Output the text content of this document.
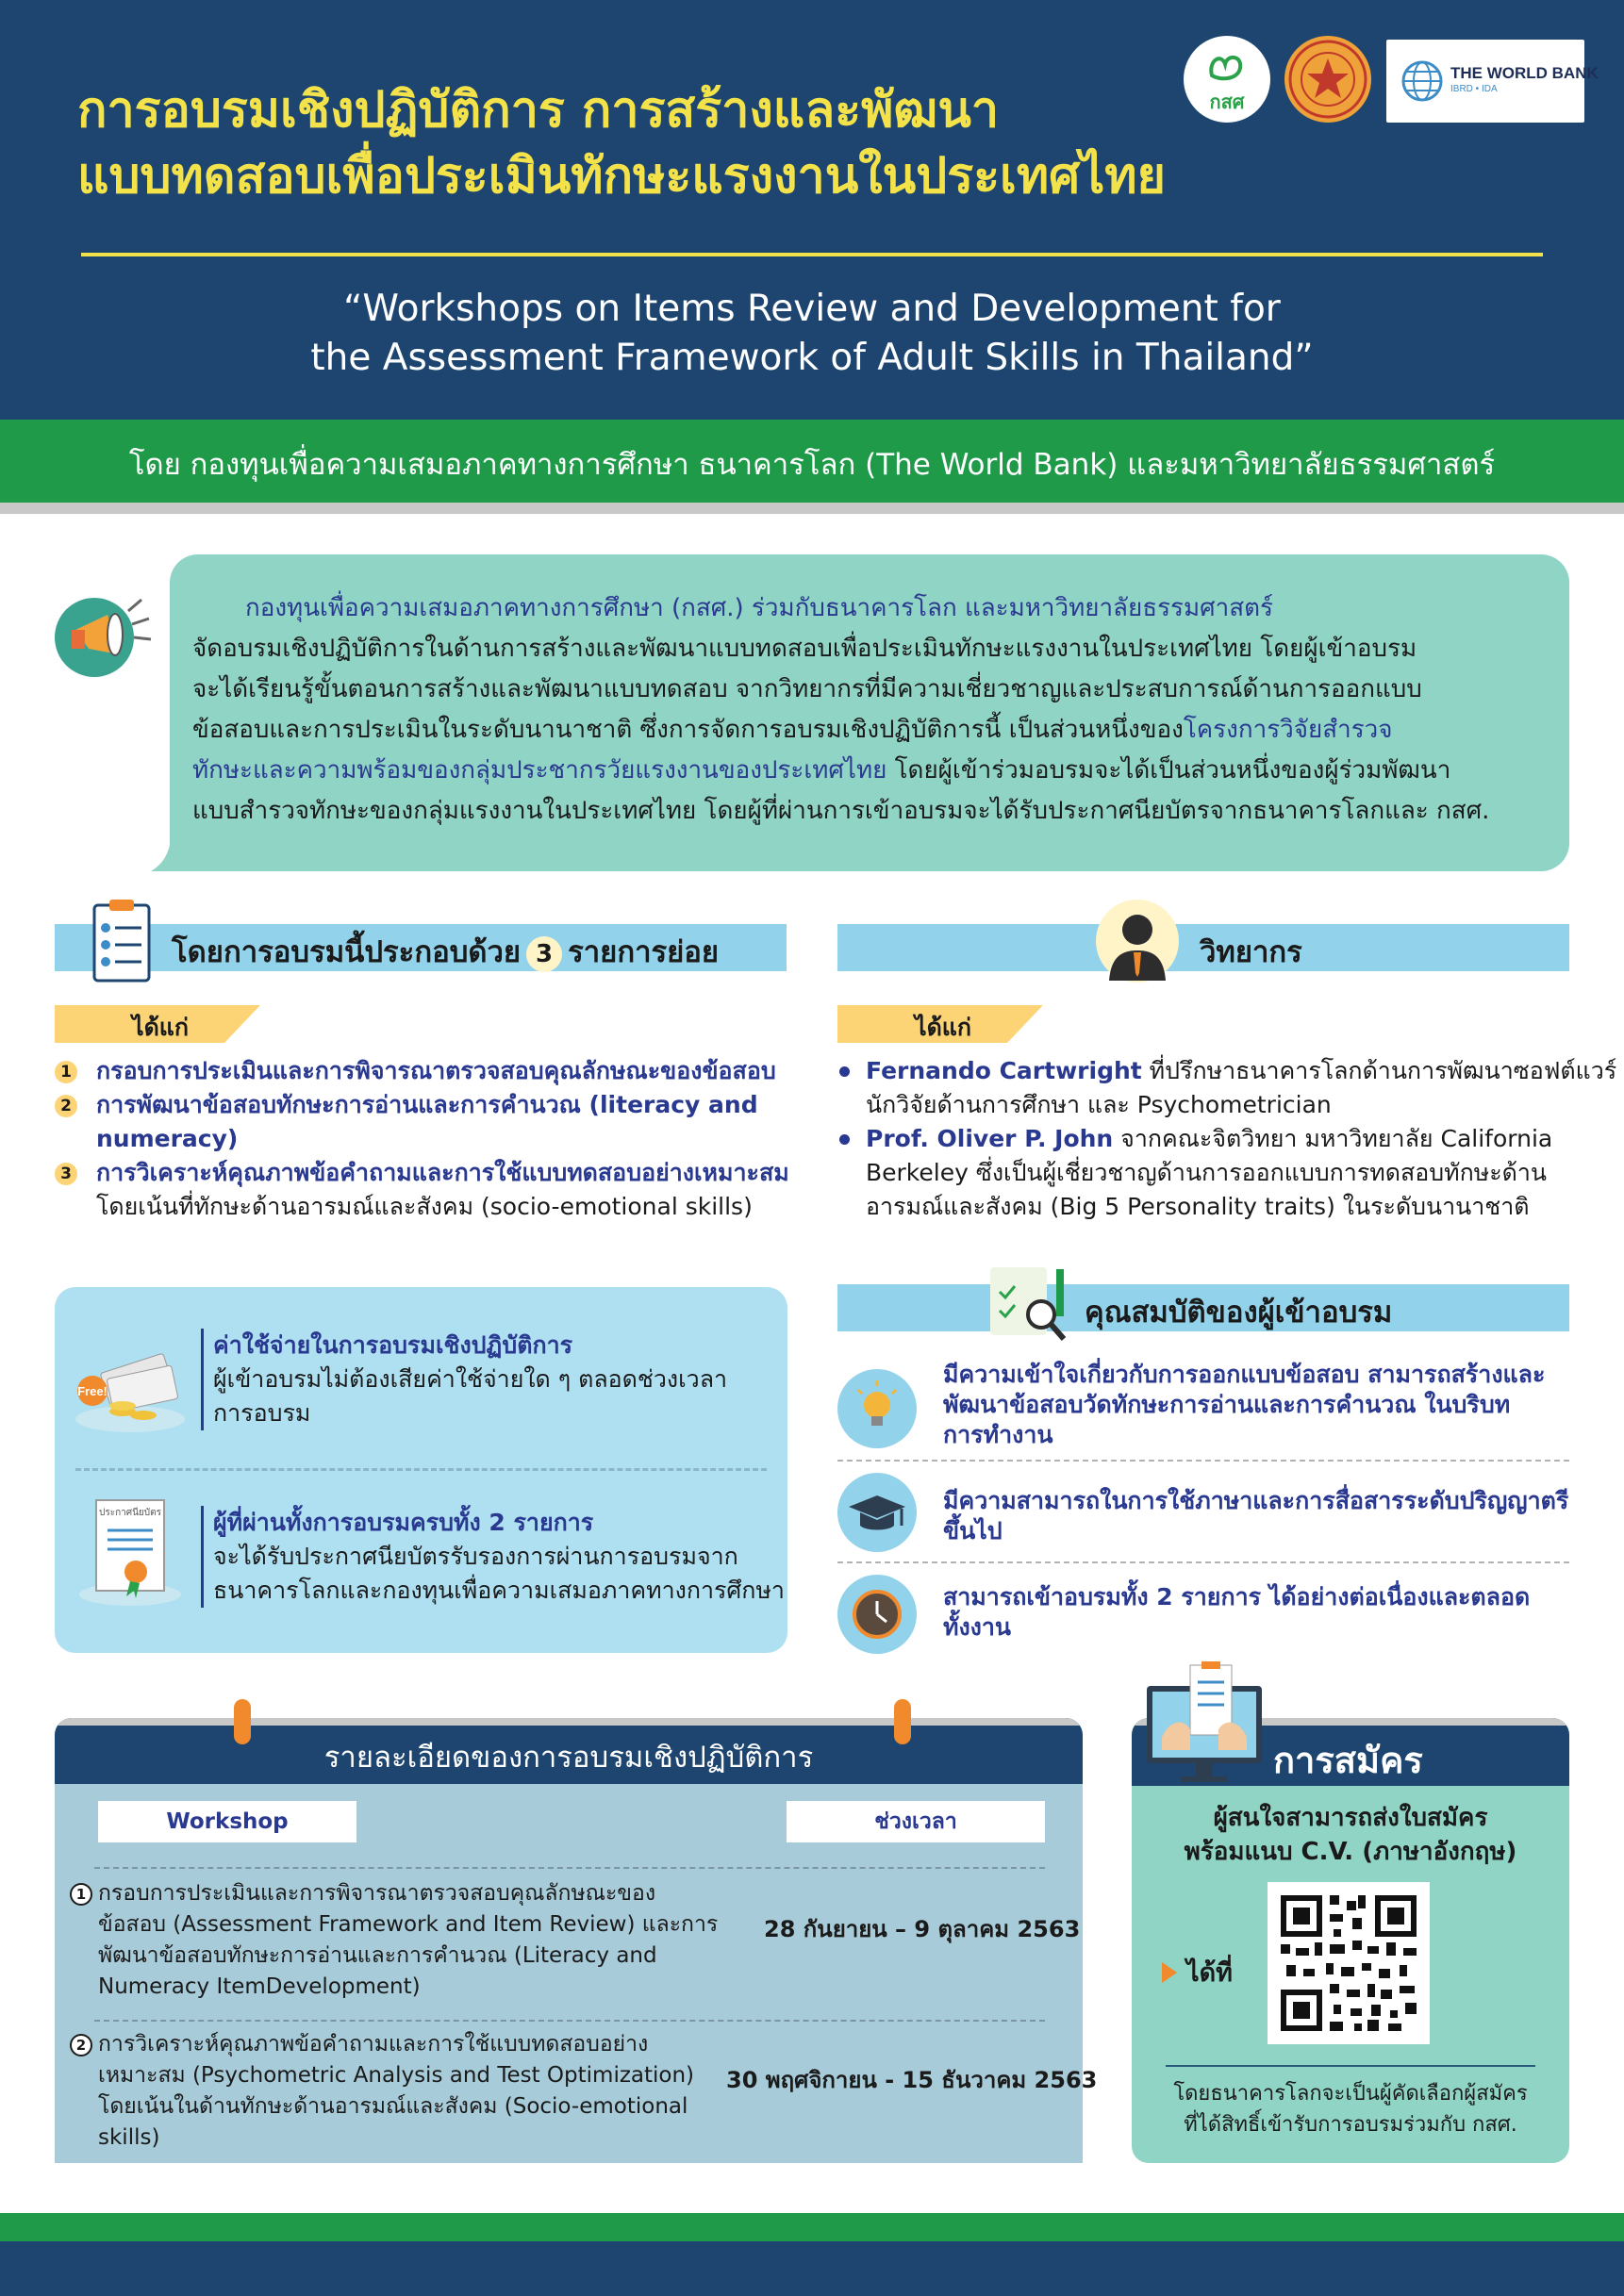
การอบรมเชิงปฏิบัติการ การสร้างและพัฒนา
แบบทดสอบเพื่อประเมินทักษะแรงงานในประเทศไทย
กสศ
THE WORLD BANK
IBRD • IDA
“Workshops on Items Review and Development for
the Assessment Framework of Adult Skills in Thailand”
โดย กองทุนเพื่อความเสมอภาคทางการศึกษา ธนาคารโลก (The World Bank) และมหาวิทยาลัยธรรมศาสตร์
กองทุนเพื่อความเสมอภาคทางการศึกษา (กสศ.) ร่วมกับธนาคารโลก และมหาวิทยาลัยธรรมศาสตร์
จัดอบรมเชิงปฏิบัติการในด้านการสร้างและพัฒนาแบบทดสอบเพื่อประเมินทักษะแรงงานในประเทศไทย โดยผู้เข้าอบรม
จะได้เรียนรู้ขั้นตอนการสร้างและพัฒนาแบบทดสอบ จากวิทยากรที่มีความเชี่ยวชาญและประสบการณ์ด้านการออกแบบ
ข้อสอบและการประเมินในระดับนานาชาติ ซึ่งการจัดการอบรมเชิงปฏิบัติการนี้ เป็นส่วนหนึ่งของโครงการวิจัยสำรวจ
ทักษะและความพร้อมของกลุ่มประชากรวัยแรงงานของประเทศไทย โดยผู้เข้าร่วมอบรมจะได้เป็นส่วนหนึ่งของผู้ร่วมพัฒนา
แบบสำรวจทักษะของกลุ่มแรงงานในประเทศไทย โดยผู้ที่ผ่านการเข้าอบรมจะได้รับประกาศนียบัตรจากธนาคารโลกและ กสศ.
โดยการอบรมนี้ประกอบด้วย 3 รายการย่อย
ได้แก่
1	กรอบการประเมินและการพิจารณาตรวจสอบคุณลักษณะของข้อสอบ
2	การพัฒนาข้อสอบทักษะการอ่านและการคำนวณ (literacy and
numeracy)
3	การวิเคราะห์คุณภาพข้อคำถามและการใช้แบบทดสอบอย่างเหมาะสม
โดยเน้นที่ทักษะด้านอารมณ์และสังคม (socio-emotional skills)
วิทยากร
ได้แก่
Fernando Cartwright ที่ปรึกษาธนาคารโลกด้านการพัฒนาซอฟต์แวร์
นักวิจัยด้านการศึกษา และ Psychometrician
Prof. Oliver P. John จากคณะจิตวิทยา มหาวิทยาลัย California
Berkeley ซึ่งเป็นผู้เชี่ยวชาญด้านการออกแบบการทดสอบทักษะด้าน
อารมณ์และสังคม (Big 5 Personality traits) ในระดับนานาชาติ
Free!
ค่าใช้จ่ายในการอบรมเชิงปฏิบัติการ
ผู้เข้าอบรมไม่ต้องเสียค่าใช้จ่ายใด ๆ ตลอดช่วงเวลา
การอบรม
ประกาศนียบัตร ผู้ที่ผ่านทั้งการอบรมครบทั้ง 2 รายการ
จะได้รับประกาศนียบัตรรับรองการผ่านการอบรมจาก
ธนาคารโลกและกองทุนเพื่อความเสมอภาคทางการศึกษา
คุณสมบัติของผู้เข้าอบรม
มีความเข้าใจเกี่ยวกับการออกแบบข้อสอบ สามารถสร้างและ
พัฒนาข้อสอบวัดทักษะการอ่านและการคำนวณ ในบริบท
การทำงาน
มีความสามารถในการใช้ภาษาและการสื่อสารระดับปริญญาตรี
ขึ้นไป
สามารถเข้าอบรมทั้ง 2 รายการ ได้อย่างต่อเนื่องและตลอด
ทั้งงาน
รายละเอียดของการอบรมเชิงปฏิบัติการ
Workshop	ช่วงเวลา
1 กรอบการประเมินและการพิจารณาตรวจสอบคุณลักษณะของ
ข้อสอบ (Assessment Framework and Item Review) และการ
พัฒนาข้อสอบทักษะการอ่านและการคำนวณ (Literacy and
Numeracy ItemDevelopment)
28 กันยายน – 9 ตุลาคม 2563
2 การวิเคราะห์คุณภาพข้อคำถามและการใช้แบบทดสอบอย่าง
เหมาะสม (Psychometric Analysis and Test Optimization)
โดยเน้นในด้านทักษะด้านอารมณ์และสังคม (Socio-emotional
skills)
30 พฤศจิกายน - 15 ธันวาคม 2563
การสมัคร
ผู้สนใจสามารถส่งใบสมัคร
พร้อมแนบ C.V. (ภาษาอังกฤษ)
ได้ที่
โดยธนาคารโลกจะเป็นผู้คัดเลือกผู้สมัคร
ที่ได้สิทธิ์เข้ารับการอบรมร่วมกับ กสศ.
